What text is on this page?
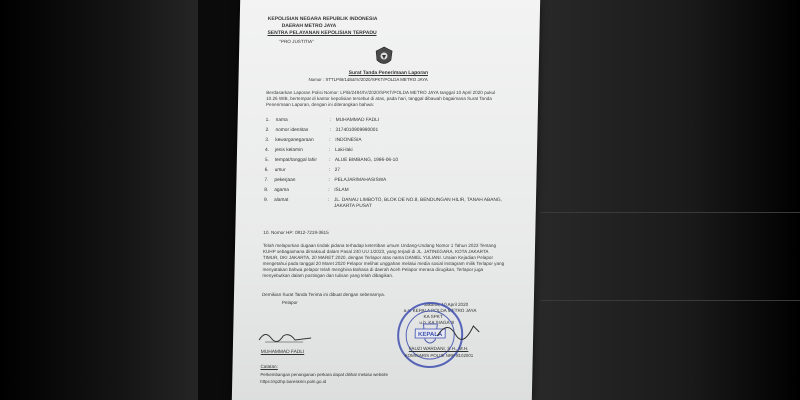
KEPOLISIAN NEGARA REPUBLIK INDONESIA
DAERAH METRO JAYA
SENTRA PELAYANAN KEPOLISIAN TERPADU
"PRO JUSTITIA"
Surat Tanda Penerimaan Laporan
Nomor : STTLP/B/1484/IV/2020/SPKT/POLDA METRO JAYA
Berdasarkan Laporan Polisi Nomor: LP/B/2484/IV/2020/SPKT/POLDA METRO JAYA tanggal 10 April 2020 pukul 10.26 WIB, bertempat di kantor kepolisian tersebut di atas, pada hari, tanggal dibawah bagaimana Surat Tanda Penerimaan Laporan, dengan ini diterangkan bahwa:
1. nama	: MUHAMMAD FADLI
2. nomor identitas	: 3174010909990001
3. kewarganegaraan	: INDONESIA
4. jenis kelamin	: Laki-laki
5. tempat/tanggal lahir : ALUE BIMBANG, 1996-06-10
6. umur	: 27
7. pekerjaan	: PELAJAR/MAHASISWA
8. agama	: ISLAM
9. alamat	: JL. DANAU LIMBOTO, BLOK DE NO.8, BENDUNGAN HILIR, TANAH ABANG, JAKARTA PUSAT
10. Nomor HP: 0812-7219-3615
Telah melaporkan dugaan tindak pidana terhadap ketertiban umum Undang-Undang Nomor 1 Tahun 2023 Tentang KUHP sebagaimana dimaksud dalam Pasal 240 UU 1/2023, yang terjadi di JL. JATINEGARA, KOTA JAKARTA TIMUR, DKI JAKARTA, 20 MARET 2020, dengan Terlapor atas nama DANIEL YULIANI. Uraian Kejadian Pelapor mengetahui pada tanggal 20 Maret 2020 Pelapor melihat unggahan melalui media sosial Instagram milik Terlapor yang menyatakan bahwa pelapor telah menghina Bahasa di daerah Aceh Pelapor merasa dirugikan, Terlapor juga menyebutkan dalam postingan dan tulisan yang telah dibagikan.
Demikian Surat Tanda Terima ini dibuat dengan sebenarnya.
Jakarta, 10 April 2020
a.n. KEPALA POLDA METRO JAYA
KA SPKT
u.b. KA SIAGA III
Pelapor
MUHAMMAD FADLI
KEPALA
FAUZI WARDANI, S.H., M.H.
KOMISARIS POLISI NRP 8102001
Catatan:
Perkembangan penanganan perkara dapat dilihat melalui website
https://sp2hp.bareskrim.polri.go.id
